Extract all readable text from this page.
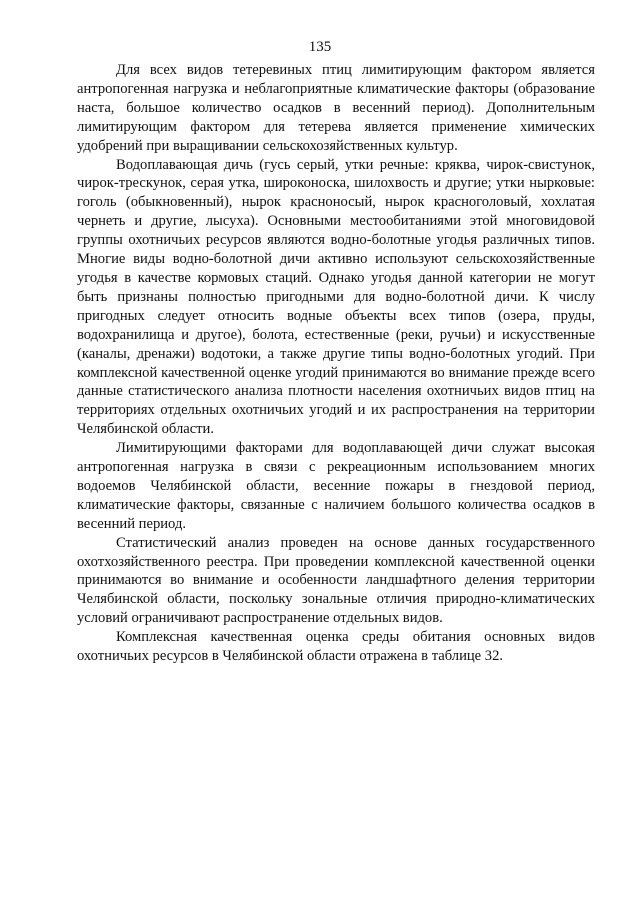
135

Для всех видов тетеревиных птиц лимитирующим фактором является антропогенная нагрузка и неблагоприятные климатические факторы (образование наста, большое количество осадков в весенний период). Дополнительным лимитирующим фактором для тетерева является применение химических удобрений при выращивании сельскохозяйственных культур.

Водоплавающая дичь (гусь серый, утки речные: кряква, чирок-свистунок, чирок-трескунок, серая утка, широконоска, шилохвость и другие; утки нырковые: гоголь (обыкновенный), нырок красноносый, нырок красноголовый, хохлатая чернеть и другие, лысуха). Основными местообитаниями этой многовидовой группы охотничьих ресурсов являются водно-болотные угодья различных типов. Многие виды водно-болотной дичи активно используют сельскохозяйственные угодья в качестве кормовых стаций. Однако угодья данной категории не могут быть признаны полностью пригодными для водно-болотной дичи. К числу пригодных следует относить водные объекты всех типов (озера, пруды, водохранилища и другое), болота, естественные (реки, ручьи) и искусственные (каналы, дренажи) водотоки, а также другие типы водно-болотных угодий. При комплексной качественной оценке угодий принимаются во внимание прежде всего данные статистического анализа плотности населения охотничьих видов птиц на территориях отдельных охотничьих угодий и их распространения на территории Челябинской области.

Лимитирующими факторами для водоплавающей дичи служат высокая антропогенная нагрузка в связи с рекреационным использованием многих водоемов Челябинской области, весенние пожары в гнездовой период, климатические факторы, связанные с наличием большого количества осадков в весенний период.

Статистический анализ проведен на основе данных государственного охотхозяйственного реестра. При проведении комплексной качественной оценки принимаются во внимание и особенности ландшафтного деления территории Челябинской области, поскольку зональные отличия природно-климатических условий ограничивают распространение отдельных видов.

Комплексная качественная оценка среды обитания основных видов охотничьих ресурсов в Челябинской области отражена в таблице 32.
